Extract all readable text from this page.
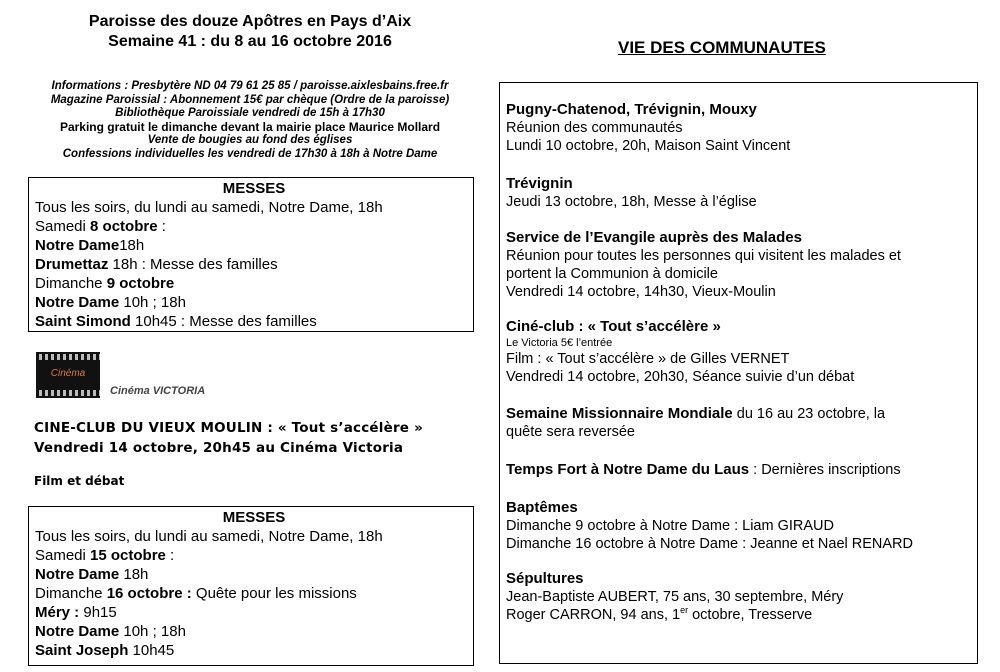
Paroisse des douze Apôtres en Pays d’Aix
Semaine 41 : du 8 au 16 octobre 2016
Informations : Presbytère ND 04 79 61 25 85 / paroisse.aixlesbains.free.fr
Magazine Paroissial : Abonnement 15€ par chèque (Ordre de la paroisse)
Bibliothèque Paroissiale vendredi de 15h à 17h30
Parking gratuit le dimanche devant la mairie place Maurice Mollard
Vente de bougies au fond des églises
Confessions individuelles les vendredi de 17h30 à 18h à Notre Dame
MESSES
Tous les soirs, du lundi au samedi, Notre Dame, 18h
Samedi 8 octobre :
Notre Dame18h
Drumettaz 18h : Messe des familles
Dimanche 9 octobre
Notre Dame 10h ; 18h
Saint Simond 10h45 : Messe des familles
Cinéma
Cinéma VICTORIA
CINE-CLUB DU VIEUX MOULIN : « Tout s’accélère »
Vendredi 14 octobre, 20h45 au Cinéma Victoria
Film et débat
MESSES
Tous les soirs, du lundi au samedi, Notre Dame, 18h
Samedi 15 octobre :
Notre Dame 18h
Dimanche 16 octobre : Quête pour les missions
Méry : 9h15
Notre Dame 10h ; 18h
Saint Joseph 10h45
VIE DES COMMUNAUTES
Pugny-Chatenod, Trévignin, Mouxy
Réunion des communautés
Lundi 10 octobre, 20h, Maison Saint Vincent
Trévignin
Jeudi 13 octobre, 18h, Messe à l’église
Service de l’Evangile auprès des Malades
Réunion pour toutes les personnes qui visitent les malades et
portent la Communion à domicile
Vendredi 14 octobre, 14h30, Vieux-Moulin
Ciné-club : « Tout s’accélère »
Le Victoria 5€ l’entrée
Film : « Tout s’accélère » de Gilles VERNET
Vendredi 14 octobre, 20h30, Séance suivie d’un débat
Semaine Missionnaire Mondiale du 16 au 23 octobre, la
quête sera reversée
Temps Fort à Notre Dame du Laus : Dernières inscriptions
Baptêmes
Dimanche 9 octobre à Notre Dame : Liam GIRAUD
Dimanche 16 octobre à Notre Dame : Jeanne et Nael RENARD
Sépultures
Jean-Baptiste AUBERT, 75 ans, 30 septembre, Méry
Roger CARRON, 94 ans, 1er octobre, Tresserve
